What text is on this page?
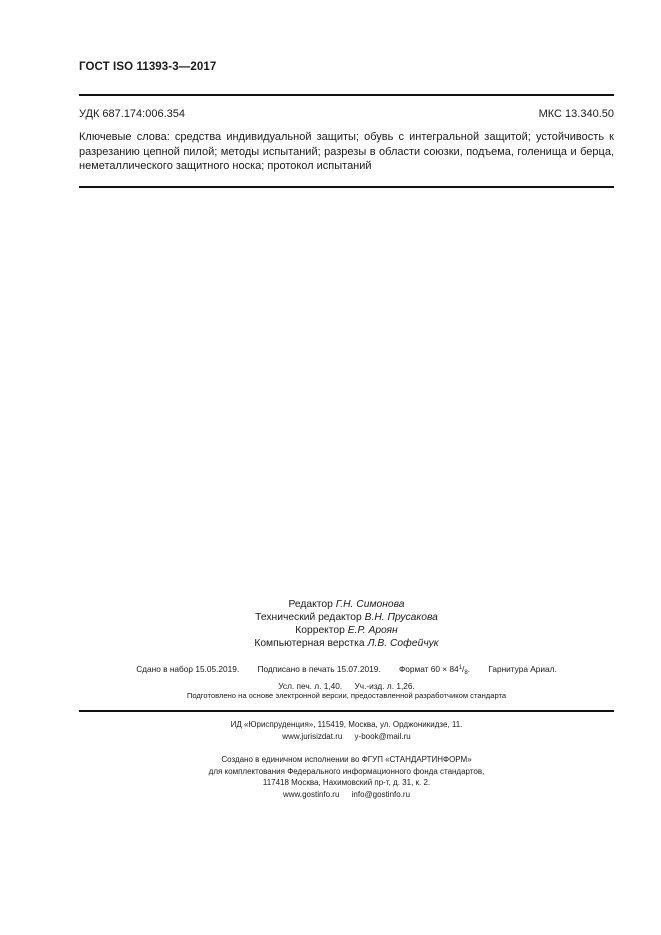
ГОСТ ISO 11393-3—2017
УДК 687.174:006.354	МКС 13.340.50
Ключевые слова: средства индивидуальной защиты; обувь с интегральной защитой; устойчивость к разрезанию цепной пилой; методы испытаний; разрезы в области союзки, подъема, голенища и берца, неметаллического защитного носка; протокол испытаний
Редактор Г.Н. Симонова
Технический редактор В.Н. Прусакова
Корректор Е.Р. Ароян
Компьютерная верстка Л.В. Софейчук
Сдано в набор 15.05.2019. Подписано в печать 15.07.2019. Формат $60 \times 84^1/_8$. Гарнитура Ариал.
Усл. печ. л. 1,40. Уч.-изд. л. 1,26.
Подготовлено на основе электронной версии, предоставленной разработчиком стандарта
ИД «Юриспруденция», 115419, Москва, ул. Орджоникидзе, 11.
www.jurisizdat.ru y-book@mail.ru
Создано в единичном исполнении во ФГУП «СТАНДАРТИНФОРМ»
для комплектования Федерального информационного фонда стандартов,
117418 Москва, Нахимовский пр-т, д. 31, к. 2.
www.gostinfo.ru info@gostinfo.ru
